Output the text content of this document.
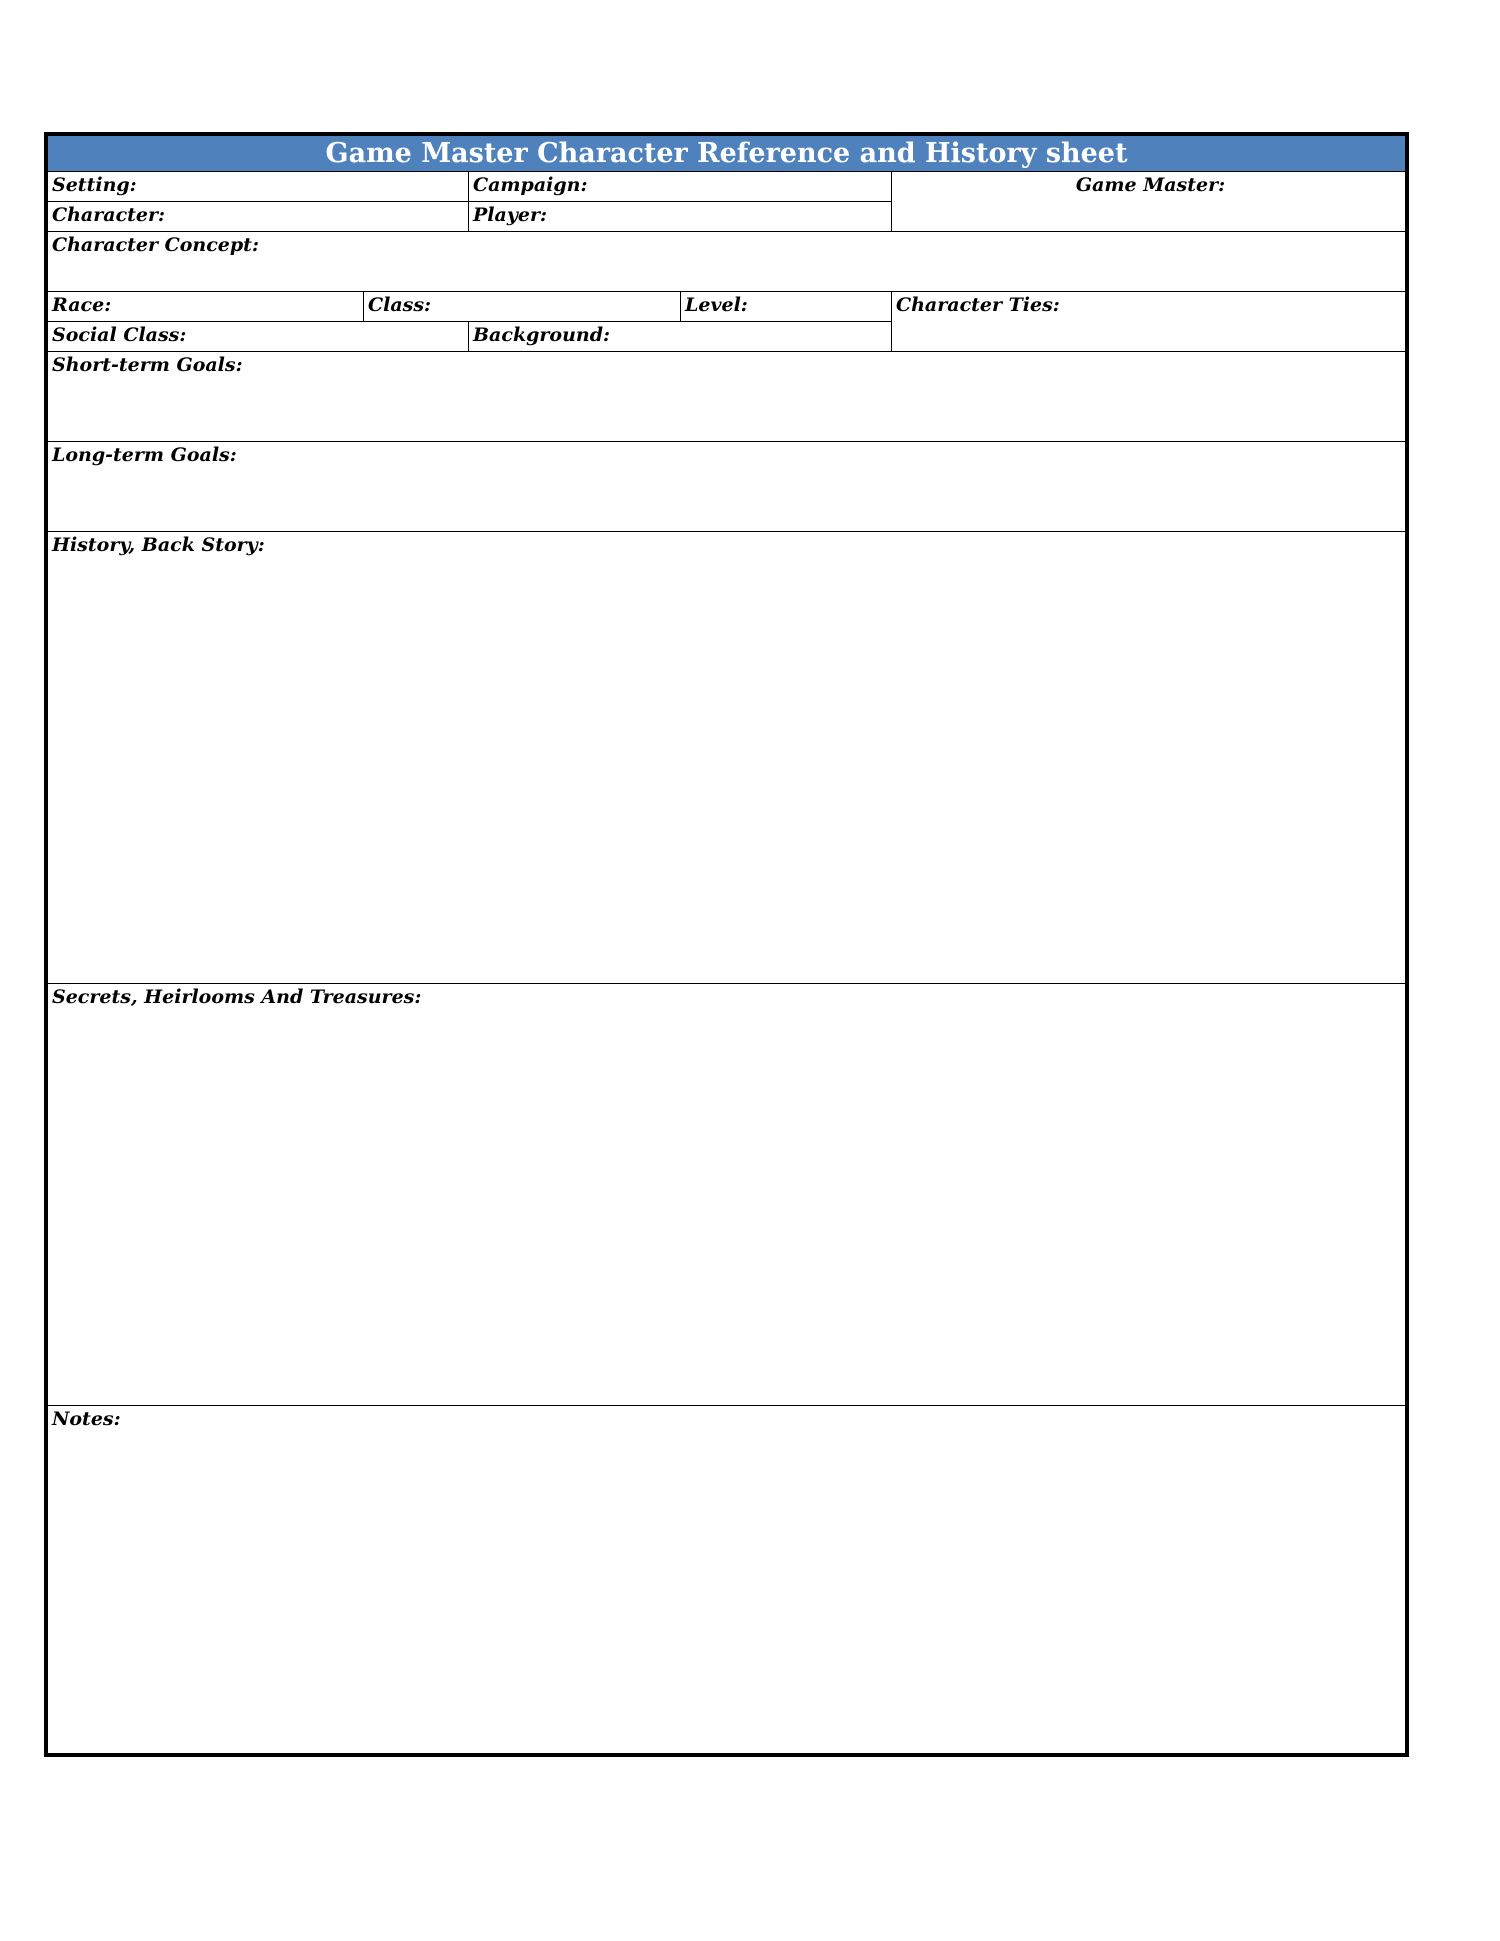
Game Master Character Reference and History sheet
Setting:	Campaign:	Game Master:
Character:	Player:
Character Concept:
Race:	Class:	Level:	Character Ties:
Social Class:	Background:
Short-term Goals:
Long-term Goals:
History, Back Story:
Secrets, Heirlooms And Treasures:
Notes:
